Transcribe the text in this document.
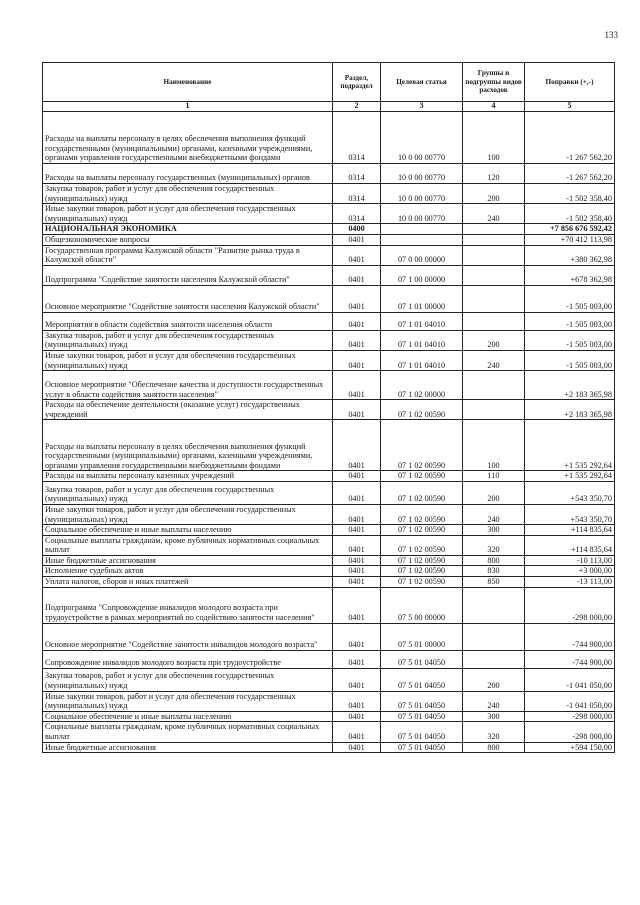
133
Наименование	Раздел, подраздел	Целевая статья	Группы и подгруппы видов расходов	Поправки (+,-)
1	2	3	4	5
Расходы на выплаты персоналу в целях обеспечения выполнения функций государственными (муниципальными) органами, казенными учреждениями, органами управления государственными внебюджетными фондами	0314	10 0 00 00770	100	-1 267 562,20
Расходы на выплаты персоналу государственных (муниципальных) органов	0314	10 0 00 00770	120	-1 267 562,20
Закупка товаров, работ и услуг для обеспечения государственных (муниципальных) нужд	0314	10 0 00 00770	200	-1 502 358,40
Иные закупки товаров, работ и услуг для обеспечения государственных (муниципальных) нужд	0314	10 0 00 00770	240	-1 502 358,40
НАЦИОНАЛЬНАЯ ЭКОНОМИКА	0400			+7 856 676 592,42
Общеэкономические вопросы	0401			+70 412 113,98
Государственная программа Калужской области "Развитие рынка труда в Калужской области"	0401	07 0 00 00000		+380 362,98
Подпрограмма "Содействие занятости населения Калужской области"	0401	07 1 00 00000		+678 362,98
Основное мероприятие "Содействие занятости населения Калужской области"	0401	07 1 01 00000		-1 505 003,00
Мероприятия в области содействия занятости населения области	0401	07 1 01 04010		-1 505 003,00
Закупка товаров, работ и услуг для обеспечения государственных (муниципальных) нужд	0401	07 1 01 04010	200	-1 505 003,00
Иные закупки товаров, работ и услуг для обеспечения государственных (муниципальных) нужд	0401	07 1 01 04010	240	-1 505 003,00
Основное мероприятие "Обеспечение качества и доступности государственных услуг в области содействия занятости населения"	0401	07 1 02 00000		+2 183 365,98
Расходы на обеспечение деятельности (оказание услуг) государственных учреждений	0401	07 1 02 00590		+2 183 365,98
Расходы на выплаты персоналу в целях обеспечения выполнения функций государственными (муниципальными) органами, казенными учреждениями, органами управления государственными внебюджетными фондами	0401	07 1 02 00590	100	+1 535 292,64
Расходы на выплаты персоналу казенных учреждений	0401	07 1 02 00590	110	+1 535 292,64
Закупка товаров, работ и услуг для обеспечения государственных (муниципальных) нужд	0401	07 1 02 00590	200	+543 350,70
Иные закупки товаров, работ и услуг для обеспечения государственных (муниципальных) нужд	0401	07 1 02 00590	240	+543 350,70
Социальное обеспечение и иные выплаты населению	0401	07 1 02 00590	300	+114 835,64
Социальные выплаты гражданам, кроме публичных нормативных социальных выплат	0401	07 1 02 00590	320	+114 835,64
Иные бюджетные ассигнования	0401	07 1 02 00590	800	-10 113,00
Исполнение судебных актов	0401	07 1 02 00590	830	+3 000,00
Уплата налогов, сборов и иных платежей	0401	07 1 02 00590	850	-13 113,00
Подпрограмма "Сопровождение инвалидов молодого возраста при трудоустройстве в рамках мероприятий по содействию занятости населения"	0401	07 5 00 00000		-298 000,00
Основное мероприятие "Содействие занятости инвалидов молодого возраста"	0401	07 5 01 00000		-744 900,00
Сопровождение инвалидов молодого возраста при трудоустройстве	0401	07 5 01 04050		-744 900,00
Закупка товаров, работ и услуг для обеспечения государственных (муниципальных) нужд	0401	07 5 01 04050	200	-1 041 050,00
Иные закупки товаров, работ и услуг для обеспечения государственных (муниципальных) нужд	0401	07 5 01 04050	240	-1 041 050,00
Социальное обеспечение и иные выплаты населению	0401	07 5 01 04050	300	-298 000,00
Социальные выплаты гражданам, кроме публичных нормативных социальных выплат	0401	07 5 01 04050	320	-298 000,00
Иные бюджетные ассигнования	0401	07 5 01 04050	800	+594 150,00
